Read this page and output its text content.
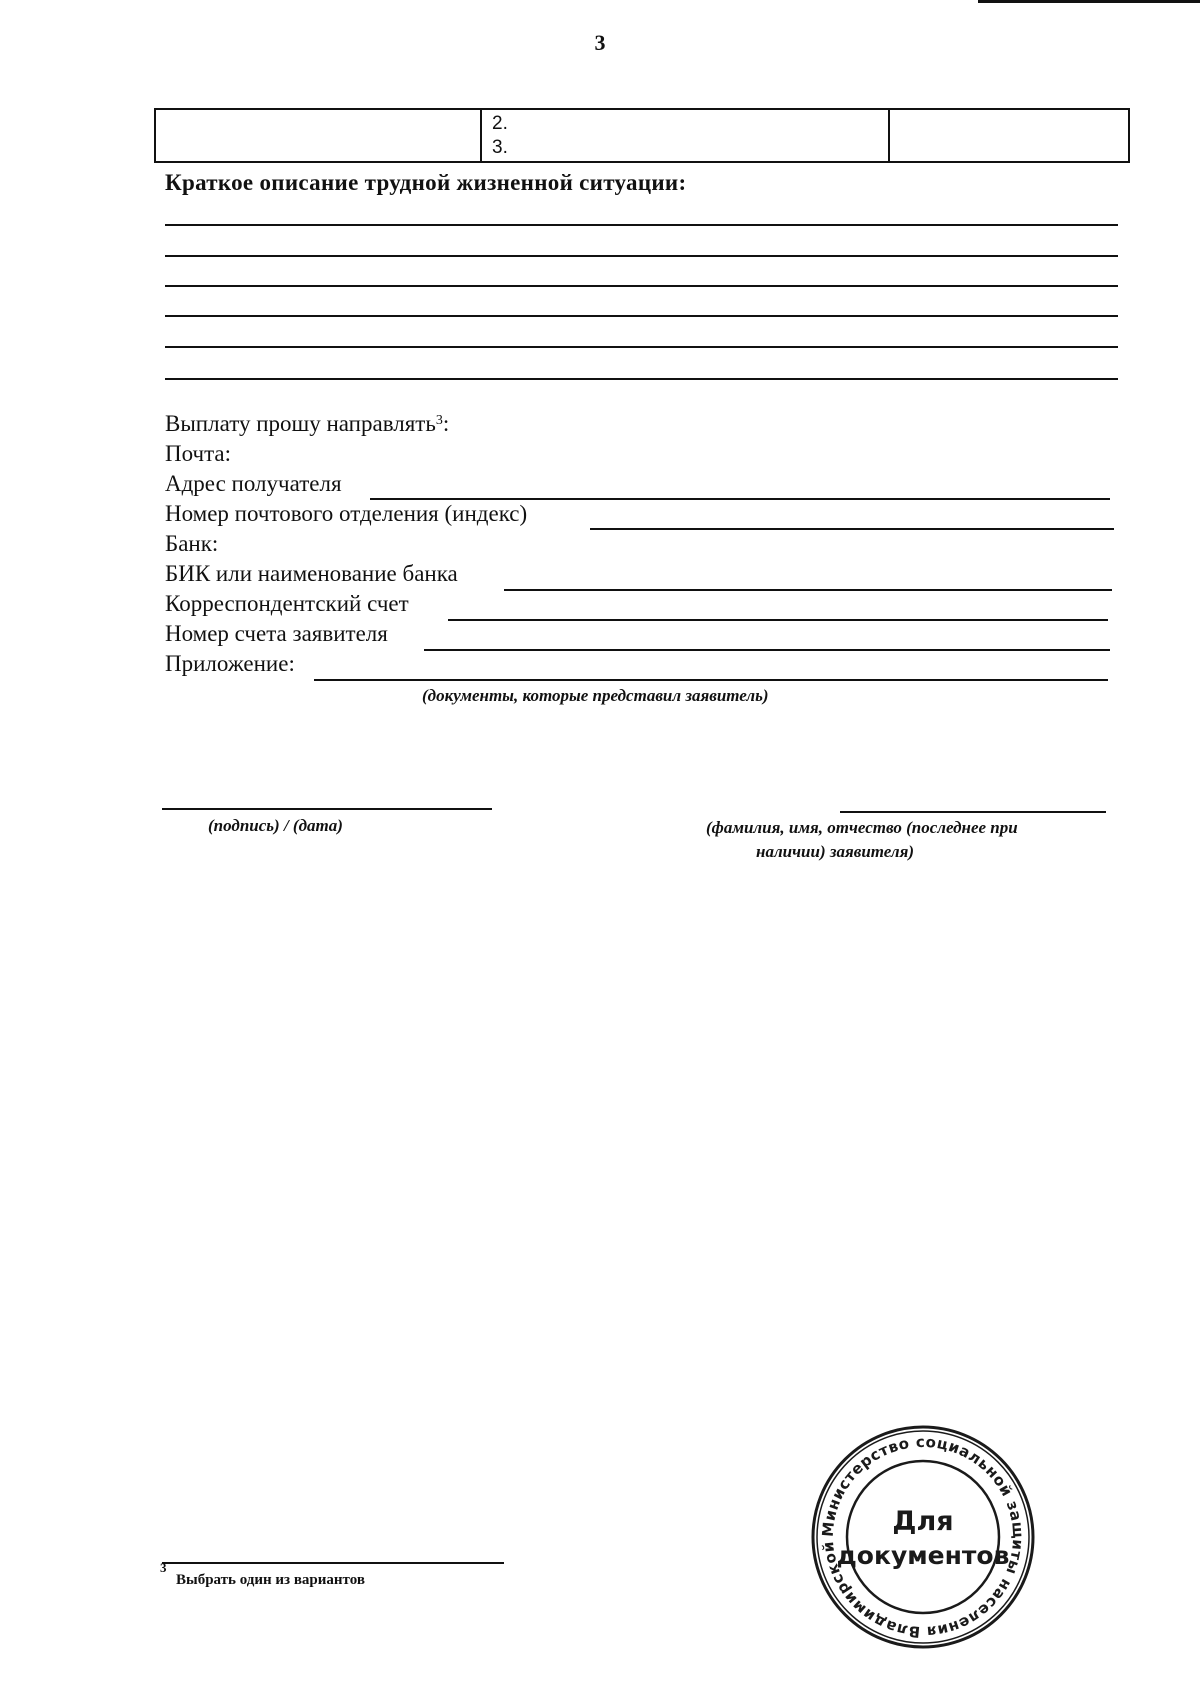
3
2.
3.
Краткое описание трудной жизненной ситуации:
Выплату прошу направлять$^3$:
Почта:
Адрес получателя
Номер почтового отделения (индекс)
Банк:
БИК или наименование банка
Корреспондентский счет
Номер счета заявителя
Приложение:
(документы, которые представил заявитель)
(подпись) / (дата)	(фамилия, имя, отчество (последнее при
наличии) заявителя)
3
Выбрать один из вариантов
Министерство социальной защиты населения Владимирской
Для
документов
